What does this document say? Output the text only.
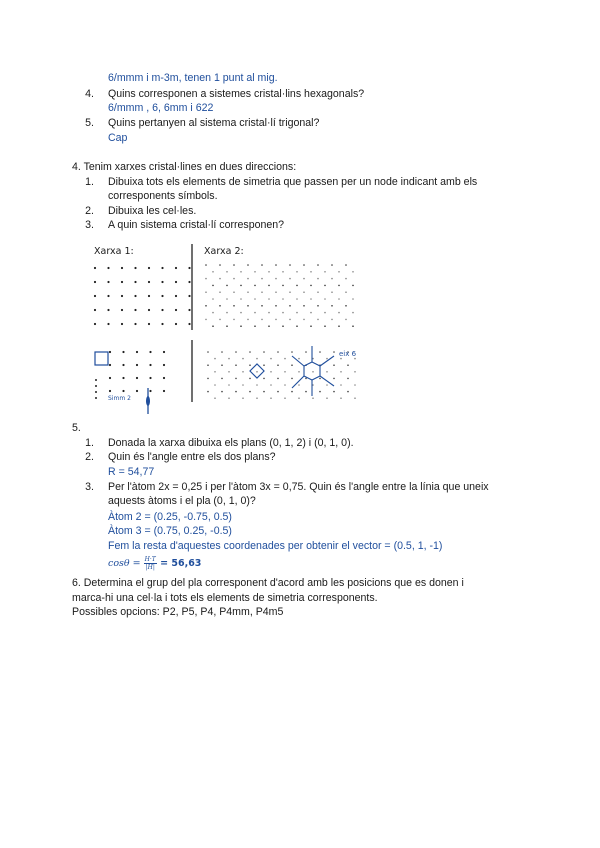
6/mmm i m-3m, tenen 1 punt al mig.
4. Quins corresponen a sistemes cristal·lins hexagonals?
6/mmm , 6, 6mm i 622
5. Quins pertanyen al sistema cristal·lí trigonal?
Cap
4. Tenim xarxes cristal·lines en dues direccions:
1. Dibuixa tots els elements de simetria que passen per un node indicant amb els
corresponents símbols.
2. Dibuixa les cel·les.
3. A quin sistema cristal·lí corresponen?
Xarxa 1:	Xarxa 2:
Simm 2
eix 6
5.
1. Donada la xarxa dibuixa els plans (0, 1, 2) i (0, 1, 0).
2. Quin és l'angle entre els dos plans?
R = 54,77
3. Per l'àtom 2x = 0,25 i per l'àtom 3x = 0,75. Quin és l'angle entre la línia que uneix
aquests àtoms i el pla (0, 1, 0)?
Àtom 2 = (0.25, -0.75, 0.5)
Àtom 3 = (0.75, 0.25, -0.5)
Fem la resta d'aquestes coordenades per obtenir el vector = (0.5, 1, -1)
$\cos\theta = \frac{H\cdot T}{|H|} = 56,63$
6. Determina el grup del pla corresponent d'acord amb les posicions que es donen i
marca-hi una cel·la i tots els elements de simetria corresponents.
Possibles opcions: P2, P5, P4, P4mm, P4m5
